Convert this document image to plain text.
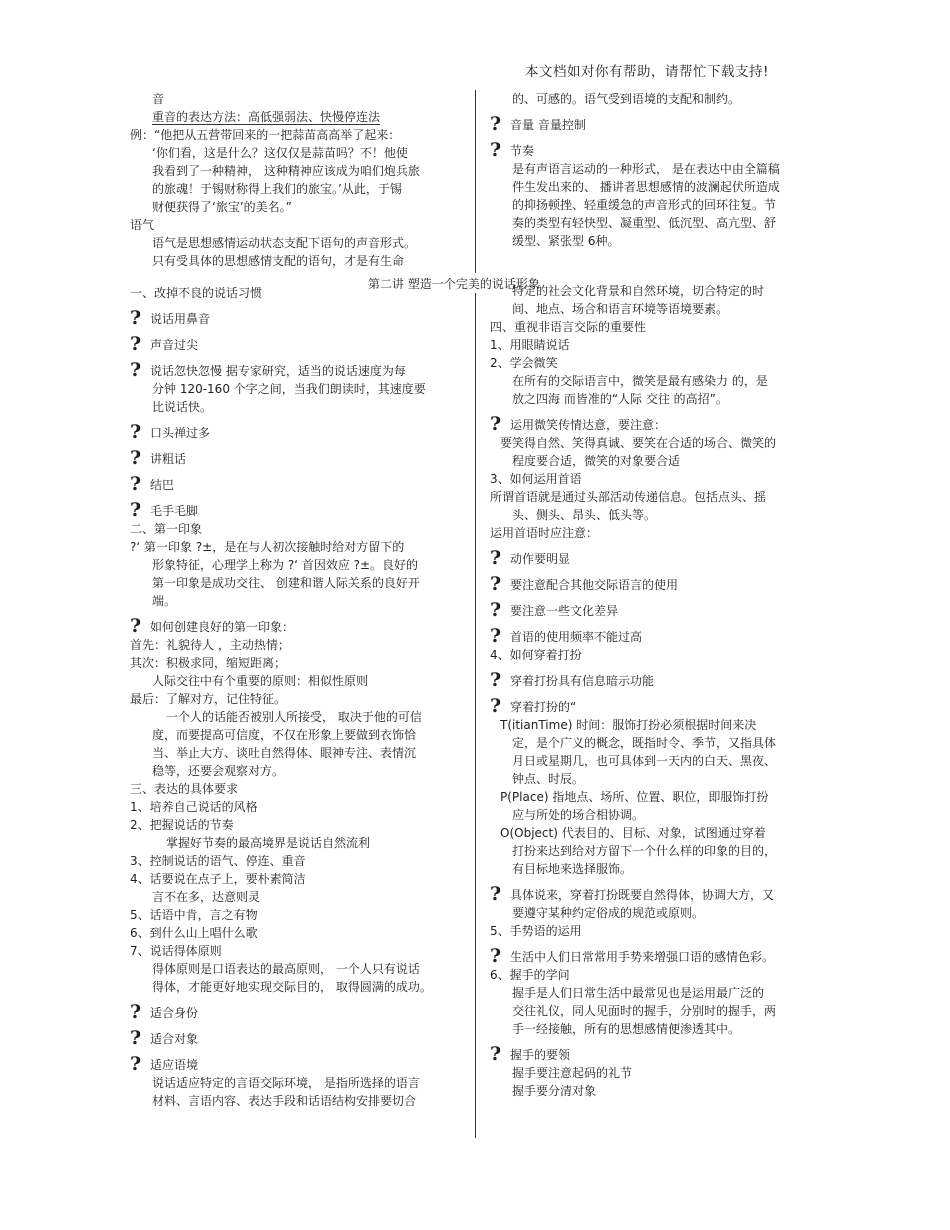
本文档如对你有帮助，请帮忙下载支持!
第二讲 塑造一个完美的说话形象
音
重音的表达方法：高低强弱法、快慢停连法
例：“他把从五营带回来的一把蒜苗高高举了起来：
‘你们看，这是什么？这仅仅是蒜苗吗？不！他使
我看到了一种精神， 这种精神应该成为咱们炮兵旅
的旅魂！于锡财称得上我们的旅宝。’从此，于锡
财便获得了‘旅宝’的美名。”
语气
语气是思想感情运动状态支配下语句的声音形式。
只有受具体的思想感情支配的语句，才是有生命
一、改掉不良的说话习惯
? 说话用鼻音
? 声音过尖
? 说话忽快忽慢 据专家研究，适当的说话速度为每
分钟 120-160 个字之间，当我们朗读时，其速度要
比说话快。
? 口头禅过多
? 讲粗话
? 结巴
? 毛手毛脚
二、第一印象
?‘ 第一印象 ?±，是在与人初次接触时给对方留下的
形象特征，心理学上称为 ?‘ 首因效应 ?±。良好的
第一印象是成功交往、 创建和谐人际关系的良好开
端。
? 如何创建良好的第一印象：
首先：礼貌待人 ，主动热情；
其次：积极求同，缩短距离；
人际交往中有个重要的原则：相似性原则
最后：了解对方，记住特征。
一个人的话能否被别人所接受， 取决于他的可信
度，而要提高可信度，不仅在形象上要做到衣饰恰
当、举止大方、谈吐自然得体、眼神专注、表情沉
稳等，还要会观察对方。
三、表达的具体要求
1、培养自己说话的风格
2、把握说话的节奏
掌握好节奏的最高境界是说话自然流利
3、控制说话的语气、停连、重音
4、话要说在点子上，要朴素简洁
言不在多，达意则灵
5、话语中肯，言之有物
6、到什么山上唱什么歌
7、说话得体原则
得体原则是口语表达的最高原则， 一个人只有说话
得体，才能更好地实现交际目的， 取得圆满的成功。
? 适合身份
? 适合对象
? 适应语境
说话适应特定的言语交际环境， 是指所选择的语言
材料、言语内容、表达手段和话语结构安排要切合
的、可感的。语气受到语境的支配和制约。
? 音量 音量控制
? 节奏
是有声语言运动的一种形式， 是在表达中由全篇稿
件生发出来的、 播讲者思想感情的波澜起伏所造成
的抑扬顿挫、轻重缓急的声音形式的回环往复。节
奏的类型有轻快型、凝重型、低沉型、高亢型、舒
缓型、紧张型 6种。
特定的社会文化背景和自然环境，切合特定的时
间、地点、场合和语言环境等语境要素。
四、重视非语言交际的重要性
1、用眼睛说话
2、学会微笑
在所有的交际语言中，微笑是最有感染力 的，是
放之四海 而皆准的“人际 交往 的高招”。
? 运用微笑传情达意，要注意：
要笑得自然、笑得真诚、要笑在合适的场合、微笑的
程度要合适，微笑的对象要合适
3、如何运用首语
所谓首语就是通过头部活动传递信息。包括点头、摇
头、侧头、昂头、低头等。
运用首语时应注意：
? 动作要明显
? 要注意配合其他交际语言的使用
? 要注意一些文化差异
? 首语的使用频率不能过高
4、如何穿着打扮
? 穿着打扮具有信息暗示功能
? 穿着打扮的“
T(itianTime) 时间：服饰打扮必须根据时间来决
定，是个广义的概念，既指时令、季节，又指具体
月日或星期几，也可具体到一天内的白天、黑夜、
钟点、时辰。
P(Place) 指地点、场所、位置、职位，即服饰打扮
应与所处的场合相协调。
O(Object) 代表目的、目标、对象，试图通过穿着
打扮来达到给对方留下一个什么样的印象的目的，
有目标地来选择服饰。
? 具体说来，穿着打扮既要自然得体，协调大方，又
要遵守某种约定俗成的规范或原则。
5、手势语的运用
? 生活中人们日常常用手势来增强口语的感情色彩。
6、握手的学问
握手是人们日常生活中最常见也是运用最广泛的
交往礼仪，同人见面时的握手，分别时的握手，两
手一经接触，所有的思想感情便渗透其中。
? 握手的要领
握手要注意起码的礼节
握手要分清对象
